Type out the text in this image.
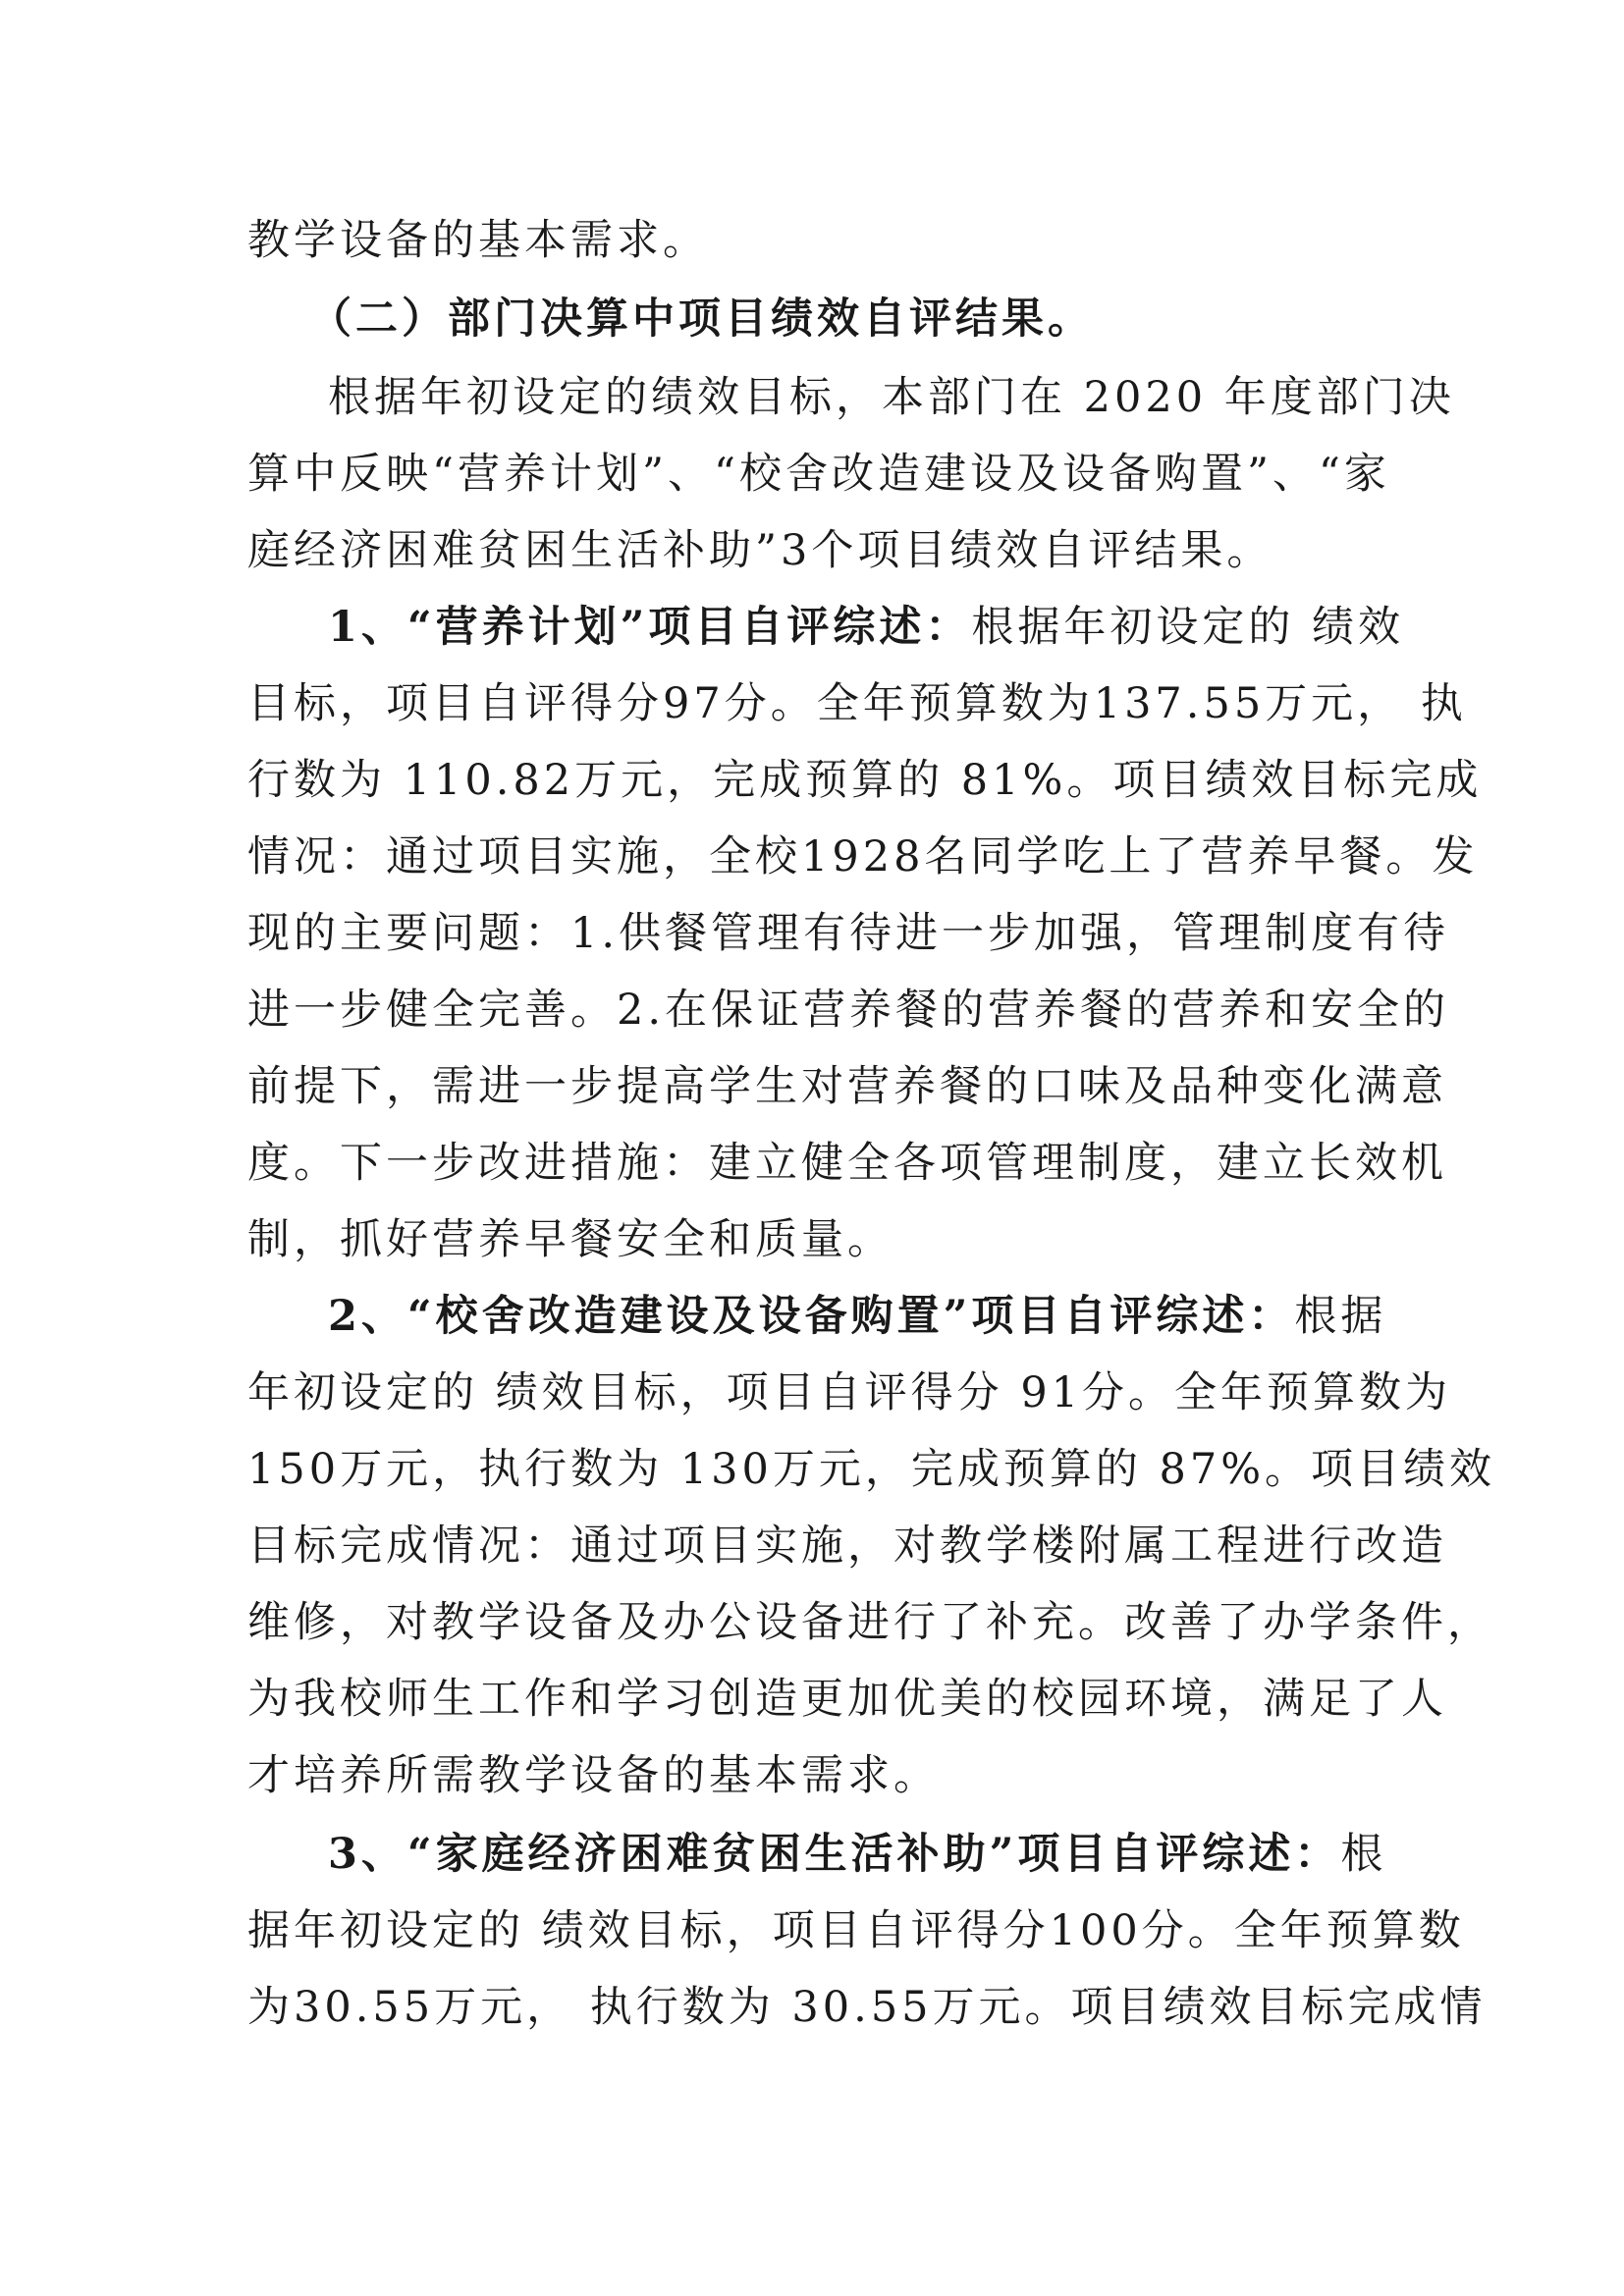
教学设备的基本需求。
（二）部门决算中项目绩效自评结果。
根据年初设定的绩效目标，本部门在 2020 年度部门决
算中反映“营养计划”、“校舍改造建设及设备购置”、“家
庭经济困难贫困生活补助”3个项目绩效自评结果。
1、“营养计划”项目自评综述：根据年初设定的 绩效
目标，项目自评得分97分。全年预算数为137.55万元， 执
行数为 110.82万元，完成预算的 81%。项目绩效目标完成
情况：通过项目实施，全校1928名同学吃上了营养早餐。发
现的主要问题：1.供餐管理有待进一步加强，管理制度有待
进一步健全完善。2.在保证营养餐的营养餐的营养和安全的
前提下，需进一步提高学生对营养餐的口味及品种变化满意
度。下一步改进措施：建立健全各项管理制度，建立长效机
制，抓好营养早餐安全和质量。
2、“校舍改造建设及设备购置”项目自评综述：根据
年初设定的 绩效目标，项目自评得分 91分。全年预算数为
150万元，执行数为 130万元，完成预算的 87%。项目绩效
目标完成情况：通过项目实施，对教学楼附属工程进行改造
维修，对教学设备及办公设备进行了补充。改善了办学条件，
为我校师生工作和学习创造更加优美的校园环境，满足了人
才培养所需教学设备的基本需求。
3、“家庭经济困难贫困生活补助”项目自评综述：根
据年初设定的 绩效目标，项目自评得分100分。全年预算数
为30.55万元， 执行数为 30.55万元。项目绩效目标完成情
